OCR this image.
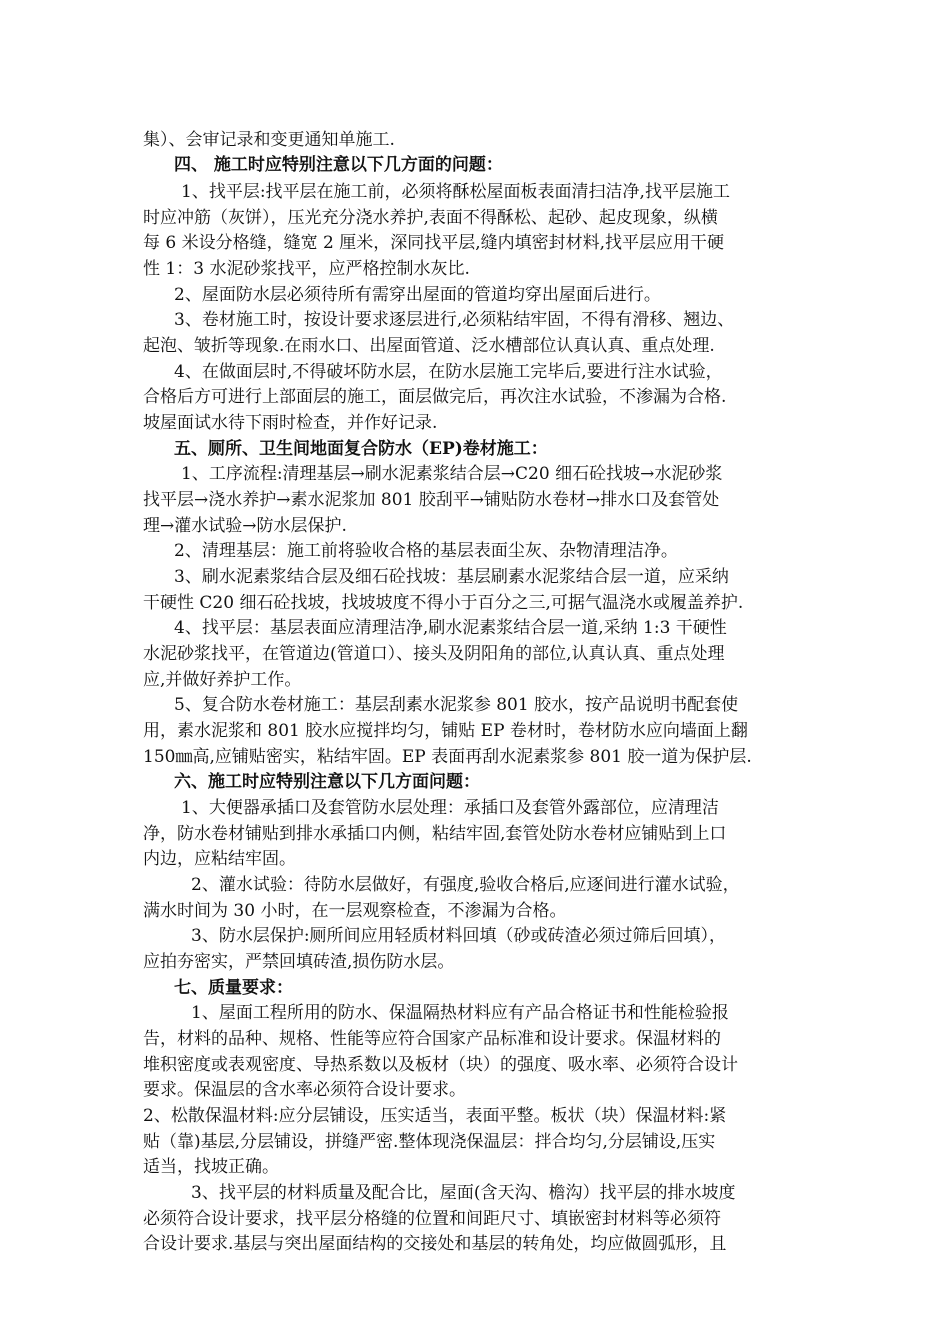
集）、会审记录和变更通知单施工.

四、 施工时应特别注意以下几方面的问题：

1、找平层:找平层在施工前，必须将酥松屋面板表面清扫洁净,找平层施工

时应冲筋（灰饼），压光充分浇水养护,表面不得酥松、起砂、起皮现象，纵横

每 6 米设分格缝，缝宽 2 厘米，深同找平层,缝内填密封材料,找平层应用干硬

性 1：3 水泥砂浆找平，应严格控制水灰比.

2、屋面防水层必须待所有需穿出屋面的管道均穿出屋面后进行。

3、卷材施工时，按设计要求逐层进行,必须粘结牢固，不得有滑移、翘边、

起泡、皱折等现象.在雨水口、出屋面管道、泛水槽部位认真认真、重点处理.

4、在做面层时,不得破坏防水层，在防水层施工完毕后,要进行注水试验，

合格后方可进行上部面层的施工，面层做完后，再次注水试验，不渗漏为合格.

坡屋面试水待下雨时检查，并作好记录.

五、厕所、卫生间地面复合防水（EP)卷材施工：

1、工序流程:清理基层→刷水泥素浆结合层→C20 细石砼找坡→水泥砂浆

找平层→浇水养护→素水泥浆加 801 胶刮平→铺贴防水卷材→排水口及套管处

理→灌水试验→防水层保护.

2、清理基层：施工前将验收合格的基层表面尘灰、杂物清理洁净。

3、刷水泥素浆结合层及细石砼找坡：基层刷素水泥浆结合层一道，应采纳

干硬性 C20 细石砼找坡，找坡坡度不得小于百分之三,可据气温浇水或履盖养护.

4、找平层：基层表面应清理洁净,刷水泥素浆结合层一道,采纳 1:3 干硬性

水泥砂浆找平，在管道边(管道口）、接头及阴阳角的部位,认真认真、重点处理

应,并做好养护工作。

5、复合防水卷材施工：基层刮素水泥浆参 801 胶水，按产品说明书配套使

用，素水泥浆和 801 胶水应搅拌均匀，铺贴 EP 卷材时，卷材防水应向墙面上翻

150㎜高,应铺贴密实，粘结牢固。EP 表面再刮水泥素浆参 801 胶一道为保护层.

六、施工时应特别注意以下几方面问题：

1、大便器承插口及套管防水层处理：承插口及套管外露部位，应清理洁

净，防水卷材铺贴到排水承插口内侧，粘结牢固,套管处防水卷材应铺贴到上口

内边，应粘结牢固。

2、灌水试验：待防水层做好，有强度,验收合格后,应逐间进行灌水试验，

满水时间为 30 小时，在一层观察检查，不渗漏为合格。

3、防水层保护:厕所间应用轻质材料回填（砂或砖渣必须过筛后回填），

应拍夯密实，严禁回填砖渣,损伤防水层。

七、质量要求：

1、屋面工程所用的防水、保温隔热材料应有产品合格证书和性能检验报

告，材料的品种、规格、性能等应符合国家产品标准和设计要求。保温材料的

堆积密度或表观密度、导热系数以及板材（块）的强度、吸水率、必须符合设计

要求。保温层的含水率必须符合设计要求。

2、松散保温材料:应分层铺设，压实适当，表面平整。板状（块）保温材料:紧

贴（靠)基层,分层铺设，拼缝严密.整体现浇保温层：拌合均匀,分层铺设,压实

适当，找坡正确。

3、找平层的材料质量及配合比，屋面(含天沟、檐沟）找平层的排水坡度

必须符合设计要求，找平层分格缝的位置和间距尺寸、填嵌密封材料等必须符

合设计要求.基层与突出屋面结构的交接处和基层的转角处，均应做圆弧形，且
